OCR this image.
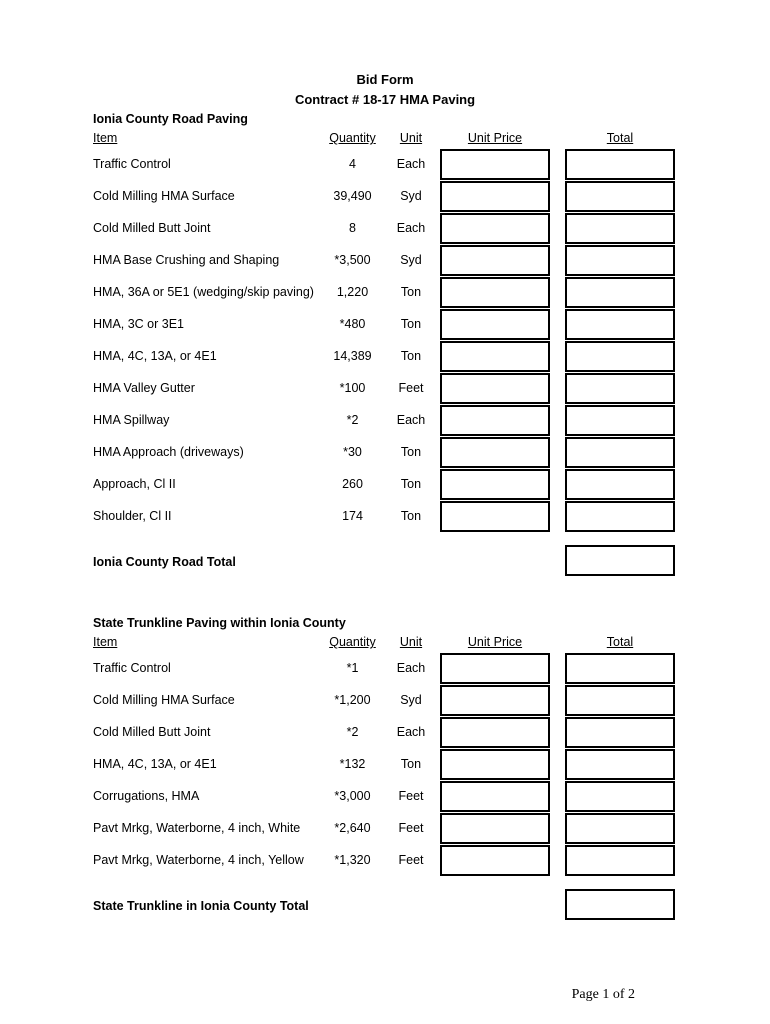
Bid Form
Contract # 18-17 HMA Paving
Ionia County Road Paving
Item	Quantity	Unit	Unit Price	Total
Traffic Control	4	Each
Cold Milling HMA Surface	39,490	Syd
Cold Milled Butt Joint	8	Each
HMA Base Crushing and Shaping	*3,500	Syd
HMA, 36A or 5E1 (wedging/skip paving)	1,220	Ton
HMA, 3C or 3E1	*480	Ton
HMA, 4C, 13A, or 4E1	14,389	Ton
HMA Valley Gutter	*100	Feet
HMA Spillway	*2	Each
HMA Approach (driveways)	*30	Ton
Approach, Cl II	260	Ton
Shoulder, Cl II	174	Ton
Ionia County Road Total
State Trunkline Paving within Ionia County
Item	Quantity	Unit	Unit Price	Total
Traffic Control	*1	Each
Cold Milling HMA Surface	*1,200	Syd
Cold Milled Butt Joint	*2	Each
HMA, 4C, 13A, or 4E1	*132	Ton
Corrugations, HMA	*3,000	Feet
Pavt Mrkg, Waterborne, 4 inch, White	*2,640	Feet
Pavt Mrkg, Waterborne, 4 inch, Yellow	*1,320	Feet
State Trunkline in Ionia County Total
Page 1 of 2
